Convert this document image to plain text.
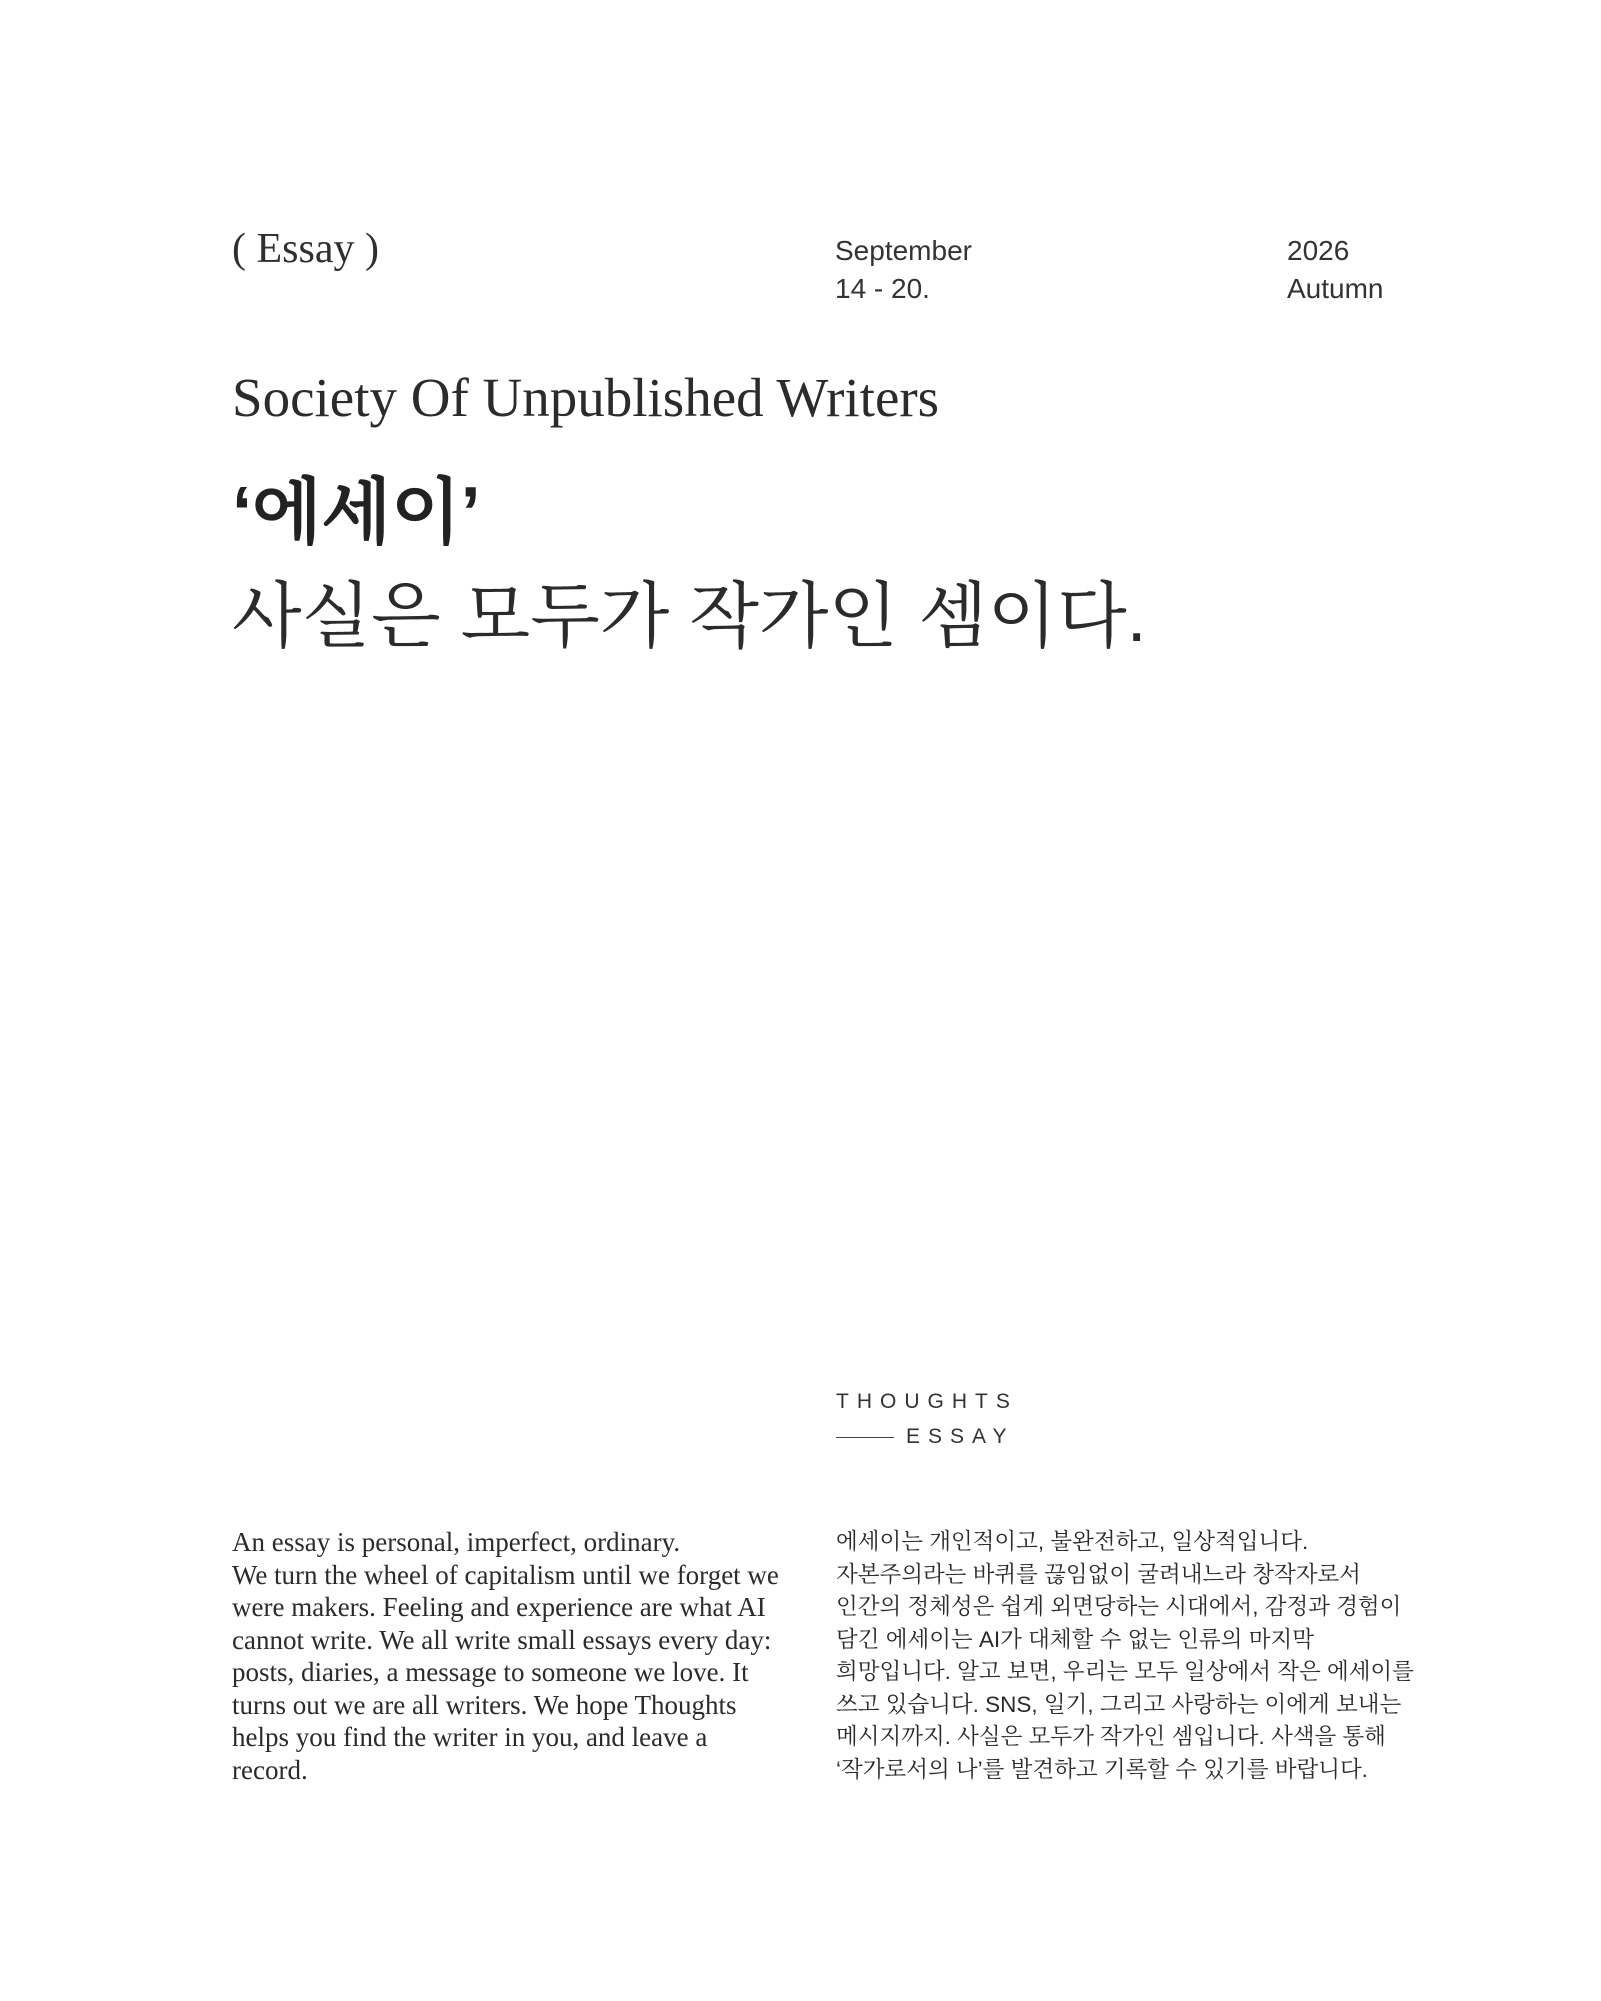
( Essay )	September
14 - 20.
2026
Autumn
Society Of Unpublished Writers
‘에세이’
사실은 모두가 작가인 셈이다.
THOUGHTS
ESSAY
An essay is personal, imperfect, ordinary.
We turn the wheel of capitalism until we forget we
were makers. Feeling and experience are what AI
cannot write. We all write small essays every day:
posts, diaries, a message to someone we love. It
turns out we are all writers. We hope Thoughts
helps you find the writer in you, and leave a
record.
에세이는 개인적이고, 불완전하고, 일상적입니다.
자본주의라는 바퀴를 끊임없이 굴려내느라 창작자로서
인간의 정체성은 쉽게 외면당하는 시대에서, 감정과 경험이
담긴 에세이는 AI가 대체할 수 없는 인류의 마지막
희망입니다. 알고 보면, 우리는 모두 일상에서 작은 에세이를
쓰고 있습니다. SNS, 일기, 그리고 사랑하는 이에게 보내는
메시지까지. 사실은 모두가 작가인 셈입니다. 사색을 통해
‘작가로서의 나’를 발견하고 기록할 수 있기를 바랍니다.
